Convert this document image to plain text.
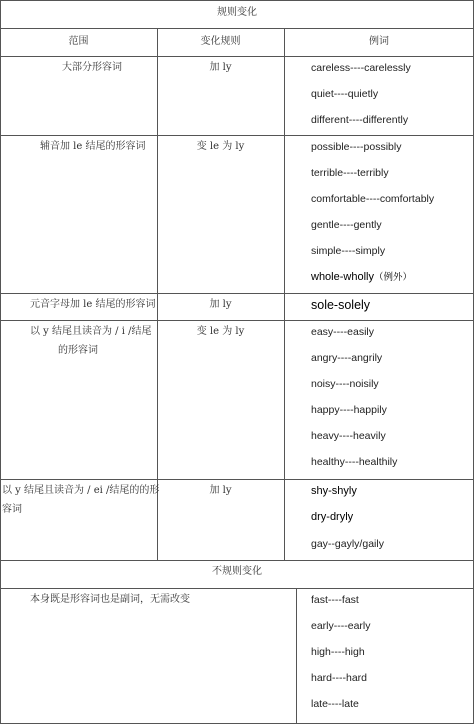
规则变化
范围	变化规则	例词
大部分形容词	加 ly	careless----carelessly
quiet----quietly
different----differently
辅音加 le 结尾的形容词	变 le 为 ly	possible----possibly
terrible----terribly
comfortable----comfortably
gentle----gently
simple----simply
whole-wholly（例外）
元音字母加 le 结尾的形容词	加 ly	sole-solely
以 y 结尾且读音为 / i /结尾
的形容词
变 le 为 ly	easy----easily
angry----angrily
noisy----noisily
happy----happily
heavy----heavily
healthy----healthily
以 y 结尾且读音为 / ei /结尾的的形
容词
加 ly	shy-shyly
dry-dryly
gay--gayly/gaily
不规则变化
本身既是形容词也是副词，无需改变	fast----fast
early----early
high----high
hard----hard
late----late
